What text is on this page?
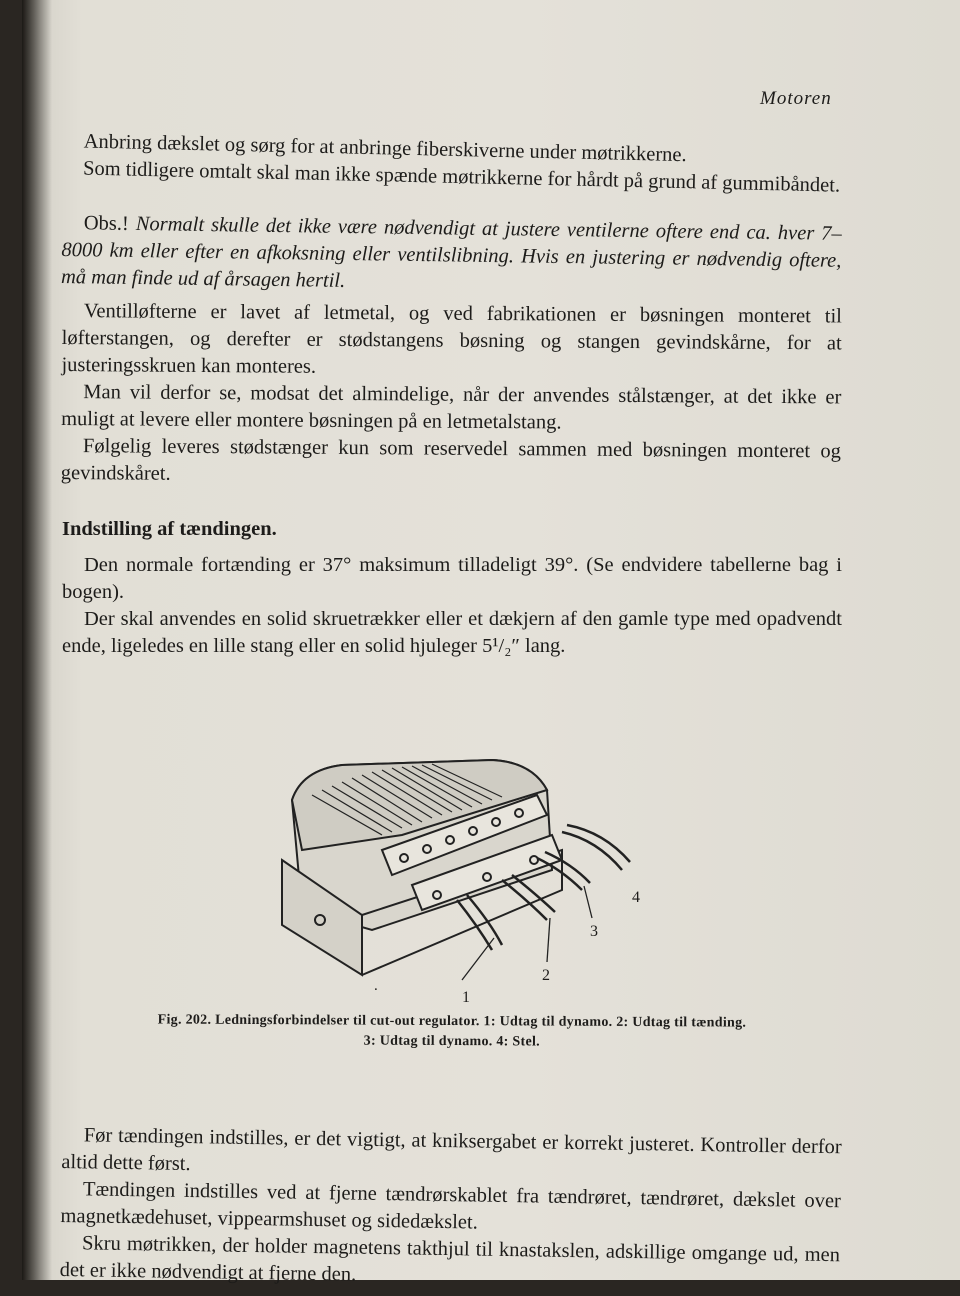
Motoren

Anbring dækslet og sørg for at anbringe fiberskiverne under møtrikkerne.

Som tidligere omtalt skal man ikke spænde møtrikkerne for hårdt på grund af gummibåndet.

Obs.! Normalt skulle det ikke være nødvendigt at justere ventilerne oftere end ca. hver 7–8000 km eller efter en afkoksning eller ventilslibning. Hvis en justering er nødvendig oftere, må man finde ud af årsagen hertil.

Ventilløfterne er lavet af letmetal, og ved fabrikationen er bøsningen monteret til løfterstangen, og derefter er stødstangens bøsning og stangen gevindskårne, for at justeringsskruen kan monteres.

Man vil derfor se, modsat det almindelige, når der anvendes stålstænger, at det ikke er muligt at levere eller montere bøsningen på en letmetalstang.

Følgelig leveres stødstænger kun som reservedel sammen med bøsningen monteret og gevindskåret.

Indstilling af tændingen.

Den normale fortænding er 37° maksimum tilladeligt 39°. (Se endvidere tabellerne bag i bogen).

Der skal anvendes en solid skruetrækker eller et dækjern af den gamle type med opadvendt ende, ligeledes en lille stang eller en solid hjuleger 5¹/₂″ lang.

.
1
2
3
4
Fig. 202. Ledningsforbindelser til cut-out regulator. 1: Udtag til dynamo. 2: Udtag til tænding.
3: Udtag til dynamo. 4: Stel.

Før tændingen indstilles, er det vigtigt, at kniksergabet er korrekt justeret. Kontroller derfor altid dette først.

Tændingen indstilles ved at fjerne tændrørskablet fra tændrøret, tændrøret, dækslet over magnetkædehuset, vippearmshuset og sidedækslet.

Skru møtrikken, der holder magnetens takthjul til knastakslen, adskillige omgange ud, men det er ikke nødvendigt at fjerne den.
